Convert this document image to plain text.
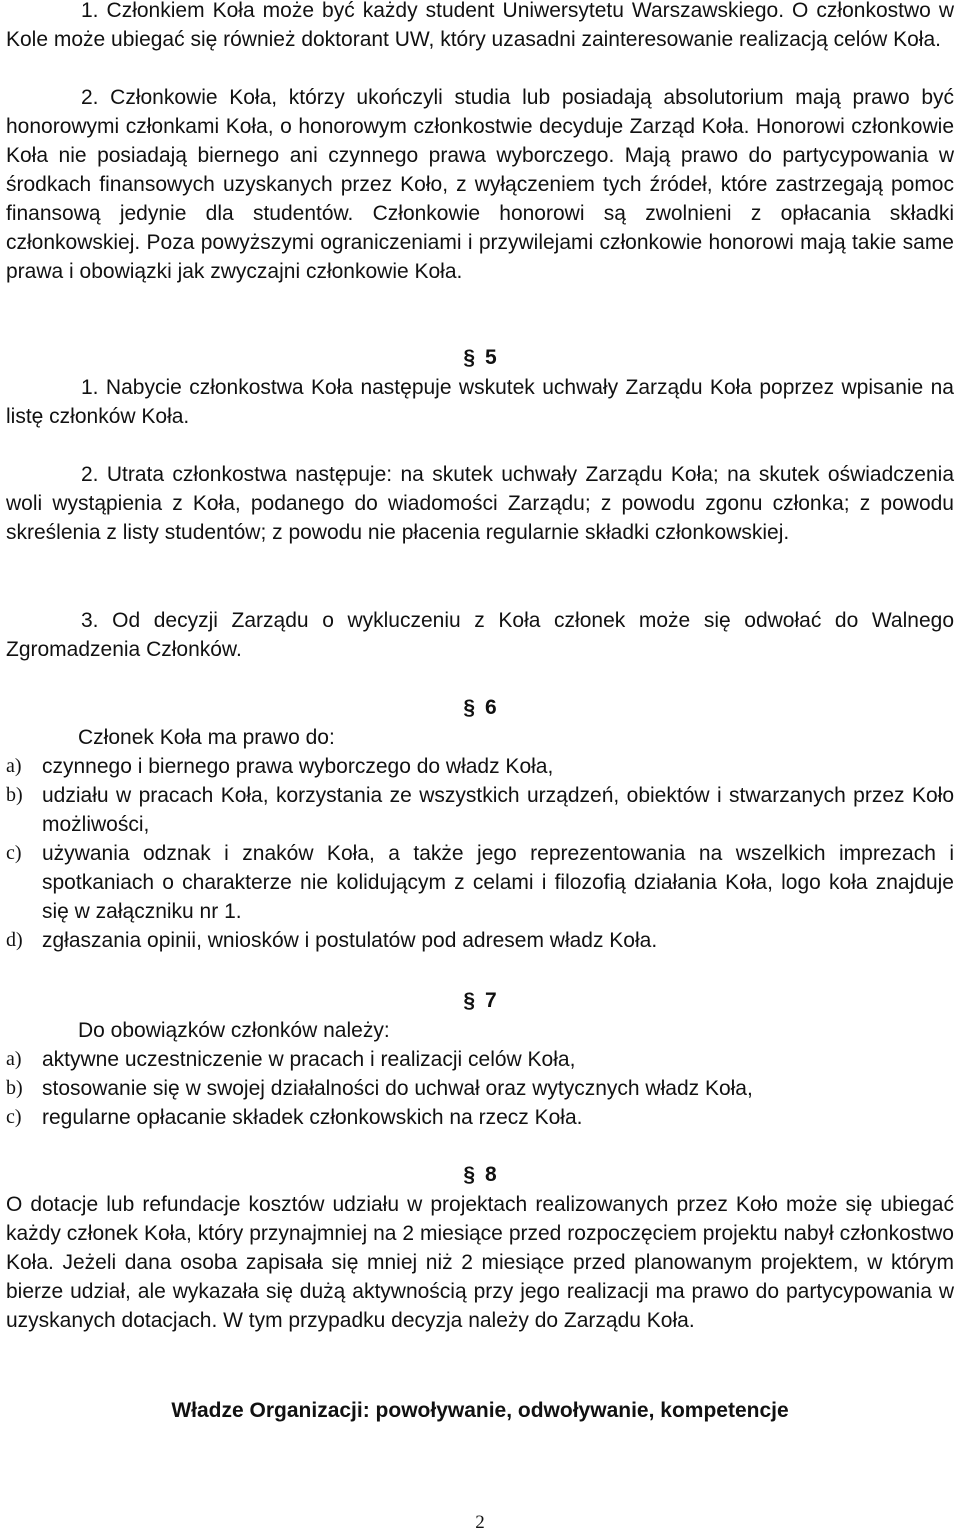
1. Członkiem Koła może być każdy student Uniwersytetu Warszawskiego. O członkostwo w Kole może ubiegać się również doktorant UW, który uzasadni zainteresowanie realizacją celów Koła.

2. Członkowie Koła, którzy ukończyli studia lub posiadają absolutorium mają prawo być honorowymi członkami Koła, o honorowym członkostwie decyduje Zarząd Koła. Honorowi członkowie Koła nie posiadają biernego ani czynnego prawa wyborczego. Mają prawo do partycypowania w środkach finansowych uzyskanych przez Koło, z wyłączeniem tych źródeł, które zastrzegają pomoc finansową jedynie dla studentów. Członkowie honorowi są zwolnieni z opłacania składki członkowskiej. Poza powyższymi ograniczeniami i przywilejami członkowie honorowi mają takie same prawa i obowiązki jak zwyczajni członkowie Koła.

§ 5

1. Nabycie członkostwa Koła następuje wskutek uchwały Zarządu Koła poprzez wpisanie na listę członków Koła.

2. Utrata członkostwa następuje: na skutek uchwały Zarządu Koła; na skutek oświadczenia woli wystąpienia z Koła, podanego do wiadomości Zarządu; z powodu zgonu członka; z powodu skreślenia z listy studentów; z powodu nie płacenia regularnie składki członkowskiej.

3. Od decyzji Zarządu o wykluczeniu z Koła członek może się odwołać do Walnego Zgromadzenia Członków.

§ 6

Członek Koła ma prawo do:

a) czynnego i biernego prawa wyborczego do władz Koła,
b) udziału w pracach Koła, korzystania ze wszystkich urządzeń, obiektów i stwarzanych przez Koło możliwości,
c) używania odznak i znaków Koła, a także jego reprezentowania na wszelkich imprezach i spotkaniach o charakterze nie kolidującym z celami i filozofią działania Koła, logo koła znajduje się w załączniku nr 1.
d) zgłaszania opinii, wniosków i postulatów pod adresem władz Koła.
§ 7

Do obowiązków członków należy:

a) aktywne uczestniczenie w pracach i realizacji celów Koła,
b) stosowanie się w swojej działalności do uchwał oraz wytycznych władz Koła,
c) regularne opłacanie składek członkowskich na rzecz Koła.
§ 8

O dotacje lub refundacje kosztów udziału w projektach realizowanych przez Koło może się ubiegać każdy członek Koła, który przynajmniej na 2 miesiące przed rozpoczęciem projektu nabył członkostwo Koła. Jeżeli dana osoba zapisała się mniej niż 2 miesiące przed planowanym projektem, w którym bierze udział, ale wykazała się dużą aktywnością przy jego realizacji ma prawo do partycypowania w uzyskanych dotacjach. W tym przypadku decyzja należy do Zarządu Koła.

Władze Organizacji: powoływanie, odwoływanie, kompetencje

2
